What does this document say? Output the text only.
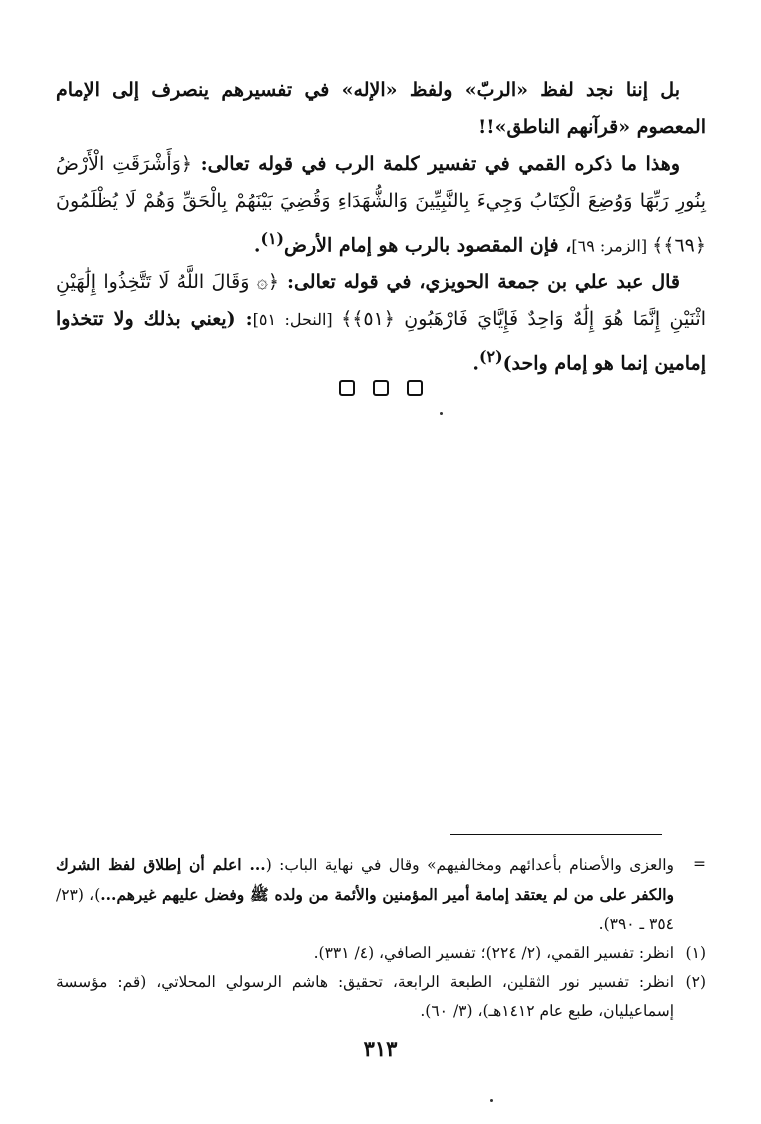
بل إننا نجد لفظ «الربّ» ولفظ «الإله» في تفسيرهم ينصرف إلى الإمام المعصوم «قرآنهم الناطق»!!

وهذا ما ذكره القمي في تفسير كلمة الرب في قوله تعالى: ﴿وَأَشْرَقَتِ الْأَرْضُ بِنُورِ رَبِّهَا وَوُضِعَ الْكِتَابُ وَجِيءَ بِالنَّبِيِّينَ وَالشُّهَدَاءِ وَقُضِيَ بَيْنَهُمْ بِالْحَقِّ وَهُمْ لَا يُظْلَمُونَ ﴿٦٩﴾﴾ [الزمر: ٦٩]، فإن المقصود بالرب هو إمام الأرض$^{(١)}$.

قال عبد علي بن جمعة الحويزي، في قوله تعالى: ﴿۞ وَقَالَ اللَّهُ لَا تَتَّخِذُوا إِلَٰهَيْنِ اثْنَيْنِ إِنَّمَا هُوَ إِلَٰهٌ وَاحِدٌ فَإِيَّايَ فَارْهَبُونِ ﴿٥١﴾﴾ [النحل: ٥١]: (يعني بذلك ولا تتخذوا إمامين إنما هو إمام واحد)$^{(٢)}$.

=
والعزى والأصنام بأعدائهم ومخالفيهم» وقال في نهاية الباب: (... اعلم أن إطلاق لفظ الشرك والكفر على من لم يعتقد إمامة أمير المؤمنين والأئمة من ولده ﷺ وفضل عليهم غيرهم...)، (٢٣/ ٣٥٤ ـ ٣٩٠).
(١)
انظر: تفسير القمي، (٢/ ٢٢٤)؛ تفسير الصافي، (٤/ ٣٣١).
(٢)
انظر: تفسير نور الثقلين، الطبعة الرابعة، تحقيق: هاشم الرسولي المحلاتي، (قم: مؤسسة إسماعيليان، طبع عام ١٤١٢هـ)، (٣/ ٦٠).
٣١٣
